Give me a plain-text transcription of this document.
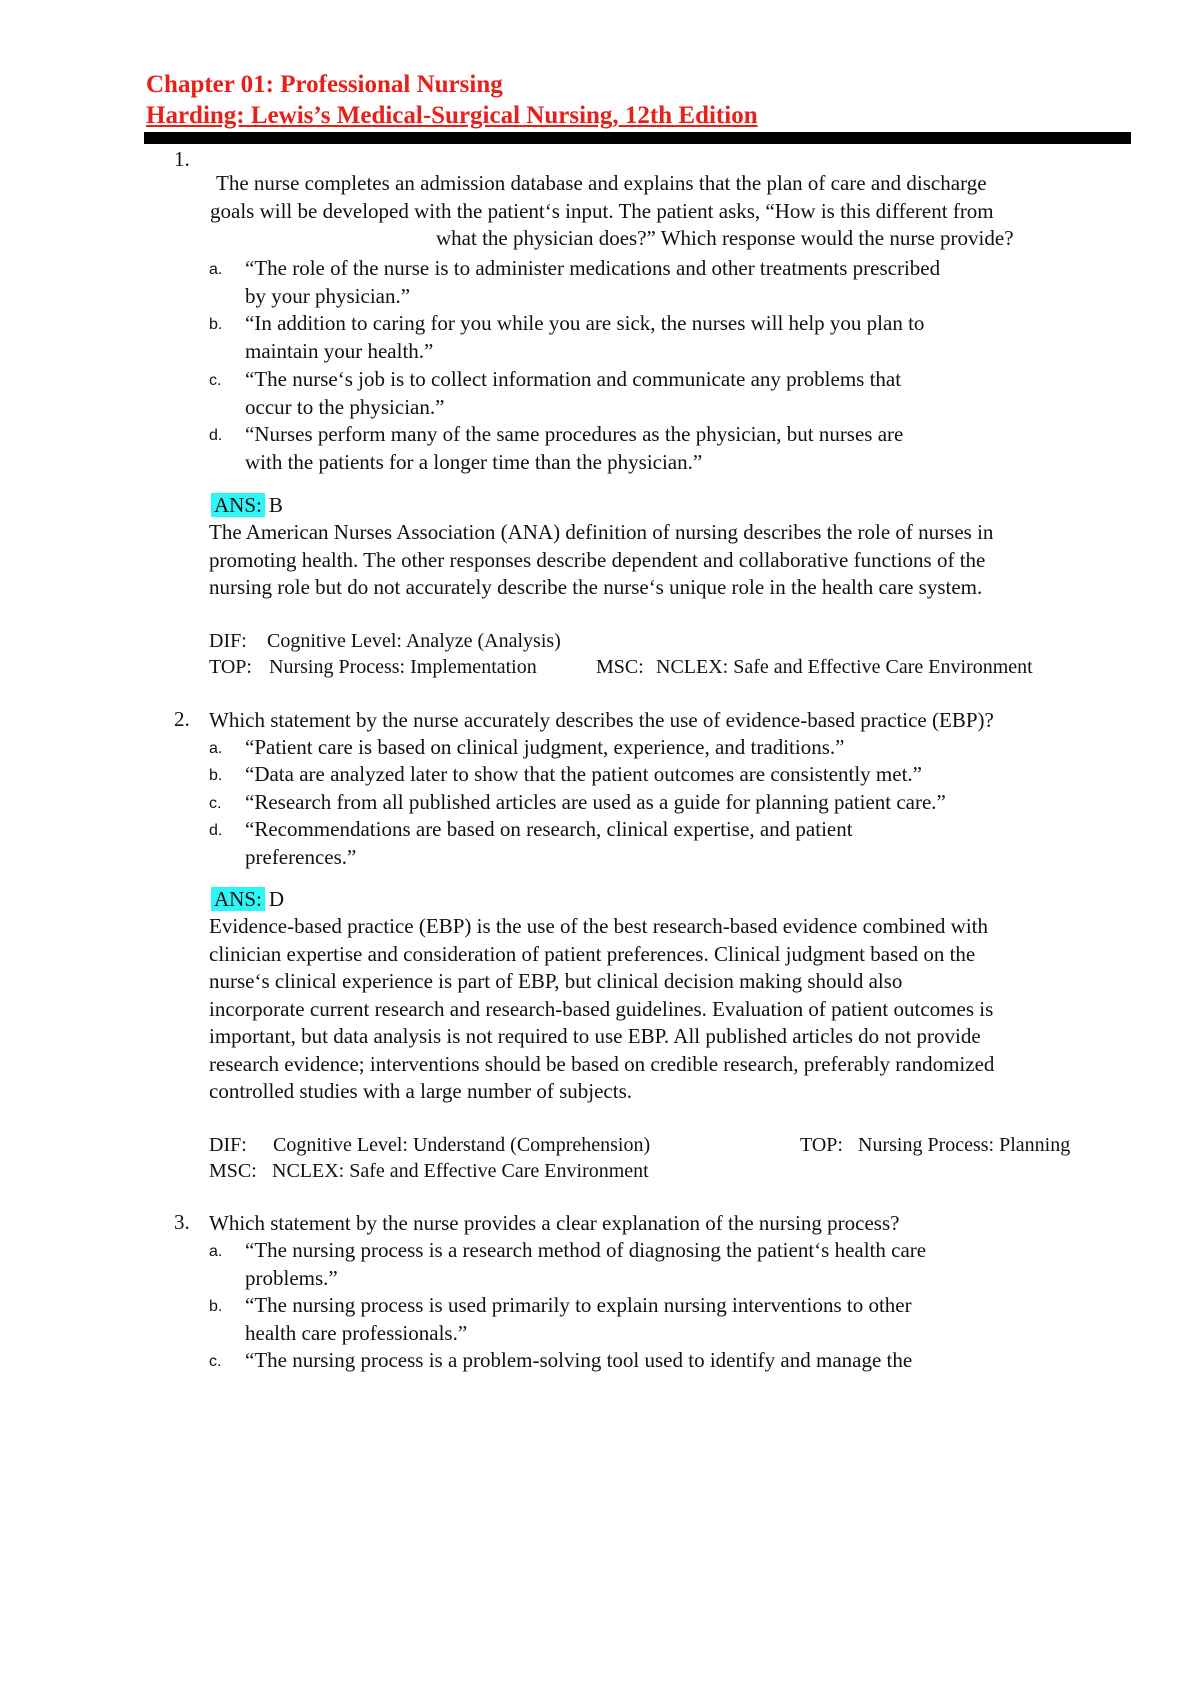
Chapter 01: Professional Nursing
Harding: Lewis’s Medical-Surgical Nursing, 12th Edition
1.
The nurse completes an admission database and explains that the plan of care and discharge
goals will be developed with the patient‘s input. The patient asks, “How is this different from
what the physician does?” Which response would the nurse provide?
a. “The role of the nurse is to administer medications and other treatments prescribed
by your physician.”
b. “In addition to caring for you while you are sick, the nurses will help you plan to
maintain your health.”
c. “The nurse‘s job is to collect information and communicate any problems that
occur to the physician.”
d. “Nurses perform many of the same procedures as the physician, but nurses are
with the patients for a longer time than the physician.”
ANS: B
The American Nurses Association (ANA) definition of nursing describes the role of nurses in
promoting health. The other responses describe dependent and collaborative functions of the
nursing role but do not accurately describe the nurse‘s unique role in the health care system.
DIF: Cognitive Level: Analyze (Analysis)
TOP: Nursing Process: Implementation	MSC: NCLEX: Safe and Effective Care Environment
2. Which statement by the nurse accurately describes the use of evidence-based practice (EBP)?
a. “Patient care is based on clinical judgment, experience, and traditions.”
b. “Data are analyzed later to show that the patient outcomes are consistently met.”
c. “Research from all published articles are used as a guide for planning patient care.”
d. “Recommendations are based on research, clinical expertise, and patient
preferences.”
ANS: D
Evidence-based practice (EBP) is the use of the best research-based evidence combined with
clinician expertise and consideration of patient preferences. Clinical judgment based on the
nurse‘s clinical experience is part of EBP, but clinical decision making should also
incorporate current research and research-based guidelines. Evaluation of patient outcomes is
important, but data analysis is not required to use EBP. All published articles do not provide
research evidence; interventions should be based on credible research, preferably randomized
controlled studies with a large number of subjects.
DIF: Cognitive Level: Understand (Comprehension)	TOP: Nursing Process: Planning
MSC: NCLEX: Safe and Effective Care Environment
3. Which statement by the nurse provides a clear explanation of the nursing process?
a. “The nursing process is a research method of diagnosing the patient‘s health care
problems.”
b. “The nursing process is used primarily to explain nursing interventions to other
health care professionals.”
c. “The nursing process is a problem-solving tool used to identify and manage the
